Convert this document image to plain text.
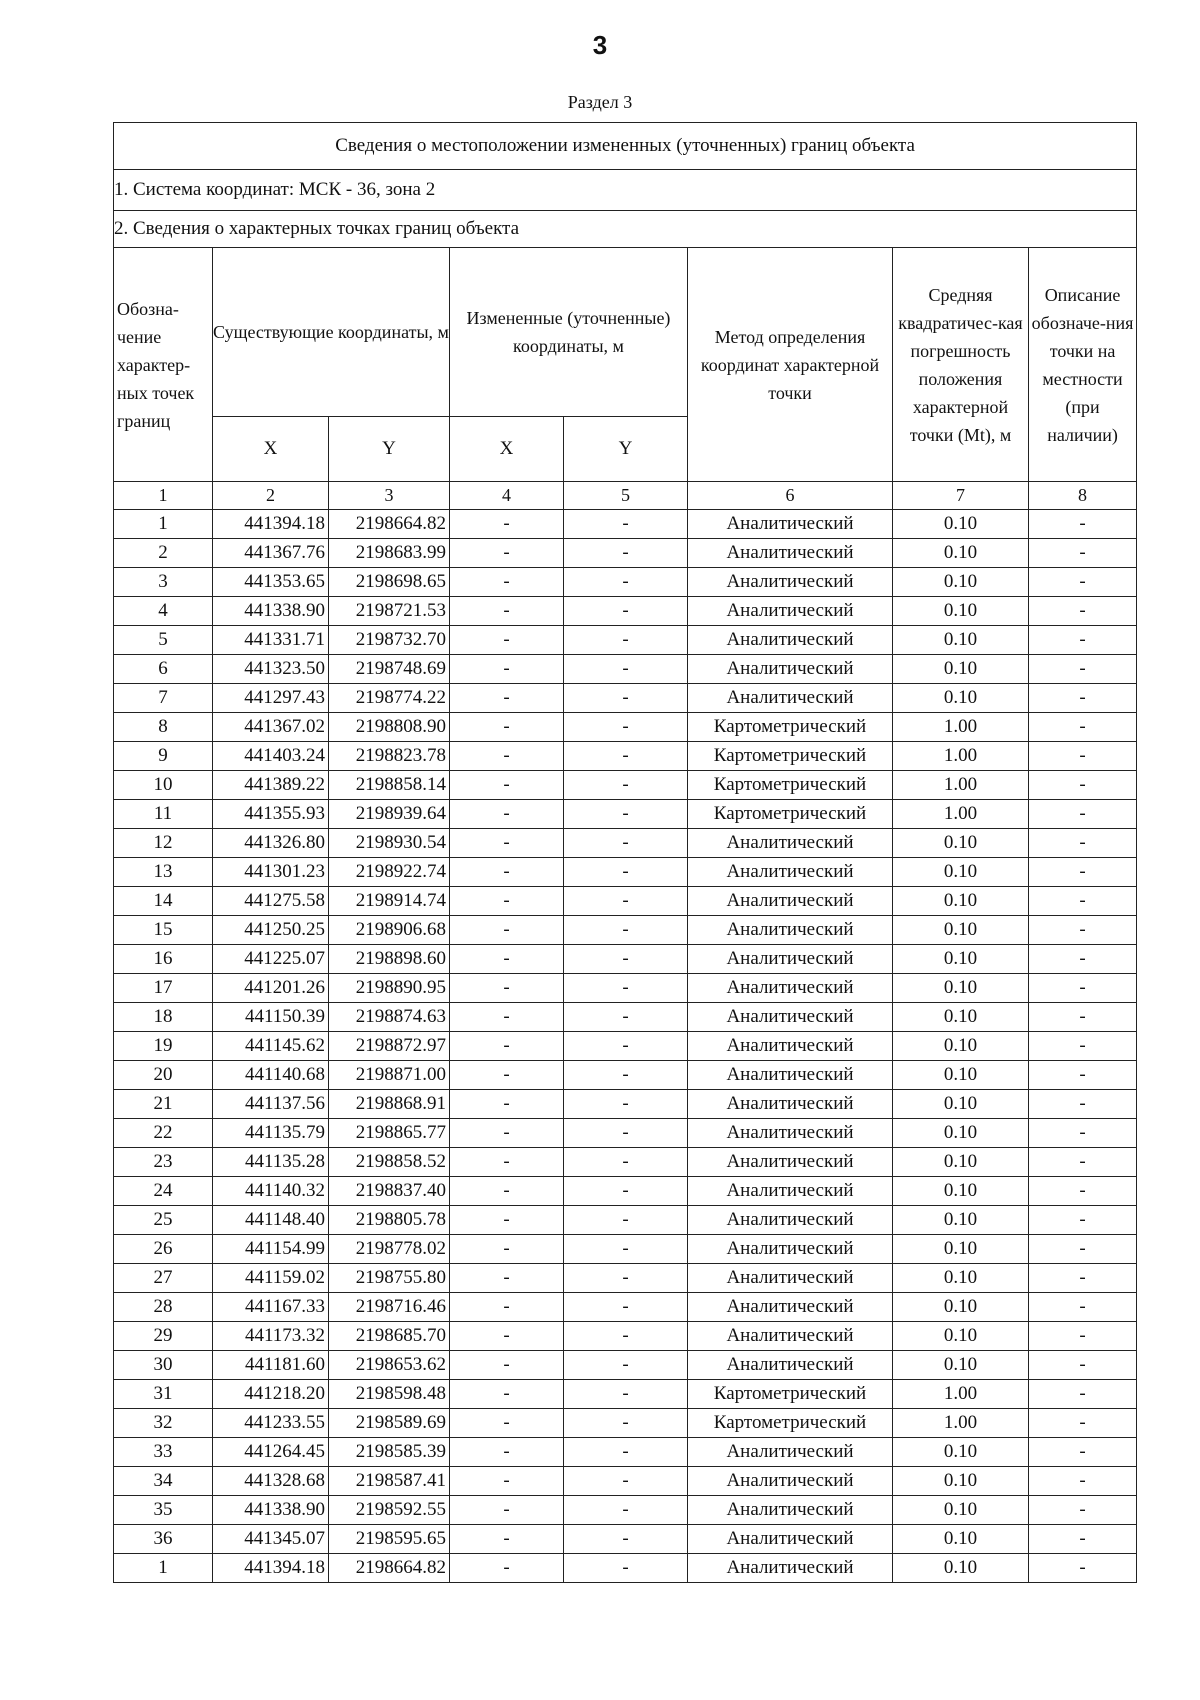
3
Раздел 3
Сведения о местоположении измененных (уточненных) границ объекта							
1. Система координат: МСК - 36, зона 2							
2. Сведения о характерных точках границ объекта							
Обозна-чение характер-ных точек границ	Существующие координаты, м		Измененные (уточненные) координаты, м		Метод определения координат характерной точки	Средняя квадратичес-кая погрешность положения характерной точки (Mt), м	Описание обозначе-ния точки на местности (при наличии)
	X	Y	X	Y			
1	2	3	4	5	6	7	8
1	441394.18	2198664.82	-	-	Аналитический	0.10	-
2	441367.76	2198683.99	-	-	Аналитический	0.10	-
3	441353.65	2198698.65	-	-	Аналитический	0.10	-
4	441338.90	2198721.53	-	-	Аналитический	0.10	-
5	441331.71	2198732.70	-	-	Аналитический	0.10	-
6	441323.50	2198748.69	-	-	Аналитический	0.10	-
7	441297.43	2198774.22	-	-	Аналитический	0.10	-
8	441367.02	2198808.90	-	-	Картометрический	1.00	-
9	441403.24	2198823.78	-	-	Картометрический	1.00	-
10	441389.22	2198858.14	-	-	Картометрический	1.00	-
11	441355.93	2198939.64	-	-	Картометрический	1.00	-
12	441326.80	2198930.54	-	-	Аналитический	0.10	-
13	441301.23	2198922.74	-	-	Аналитический	0.10	-
14	441275.58	2198914.74	-	-	Аналитический	0.10	-
15	441250.25	2198906.68	-	-	Аналитический	0.10	-
16	441225.07	2198898.60	-	-	Аналитический	0.10	-
17	441201.26	2198890.95	-	-	Аналитический	0.10	-
18	441150.39	2198874.63	-	-	Аналитический	0.10	-
19	441145.62	2198872.97	-	-	Аналитический	0.10	-
20	441140.68	2198871.00	-	-	Аналитический	0.10	-
21	441137.56	2198868.91	-	-	Аналитический	0.10	-
22	441135.79	2198865.77	-	-	Аналитический	0.10	-
23	441135.28	2198858.52	-	-	Аналитический	0.10	-
24	441140.32	2198837.40	-	-	Аналитический	0.10	-
25	441148.40	2198805.78	-	-	Аналитический	0.10	-
26	441154.99	2198778.02	-	-	Аналитический	0.10	-
27	441159.02	2198755.80	-	-	Аналитический	0.10	-
28	441167.33	2198716.46	-	-	Аналитический	0.10	-
29	441173.32	2198685.70	-	-	Аналитический	0.10	-
30	441181.60	2198653.62	-	-	Аналитический	0.10	-
31	441218.20	2198598.48	-	-	Картометрический	1.00	-
32	441233.55	2198589.69	-	-	Картометрический	1.00	-
33	441264.45	2198585.39	-	-	Аналитический	0.10	-
34	441328.68	2198587.41	-	-	Аналитический	0.10	-
35	441338.90	2198592.55	-	-	Аналитический	0.10	-
36	441345.07	2198595.65	-	-	Аналитический	0.10	-
1	441394.18	2198664.82	-	-	Аналитический	0.10	-
